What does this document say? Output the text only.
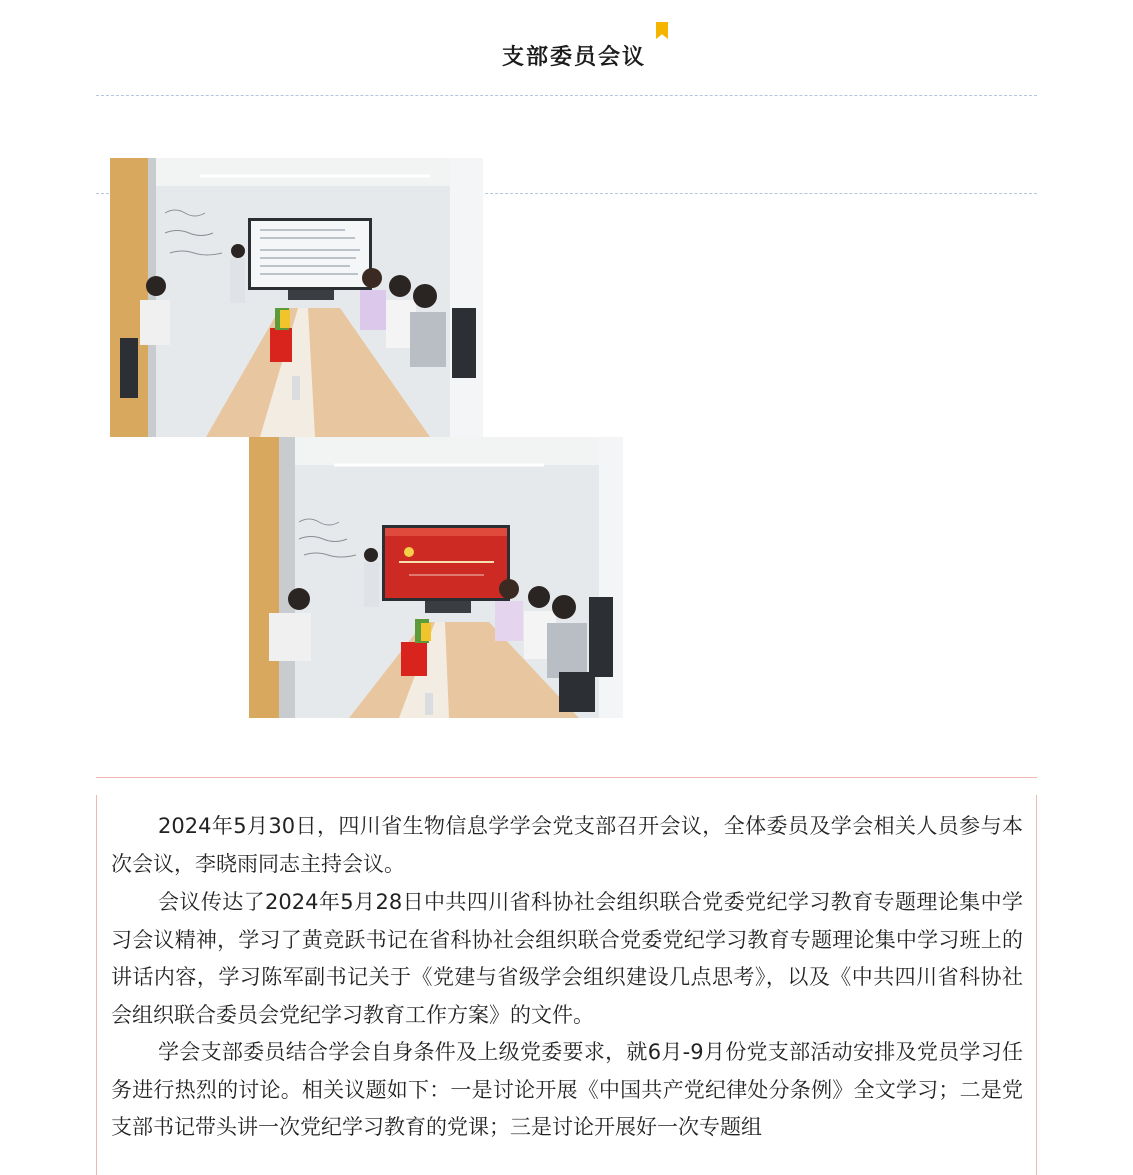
支部委员会议

2024年5月30日，四川省生物信息学学会党支部召开会议，全体委员及学会相关人员参与本次会议，李晓雨同志主持会议。

会议传达了2024年5月28日中共四川省科协社会组织联合党委党纪学习教育专题理论集中学习会议精神，学习了黄竞跃书记在省科协社会组织联合党委党纪学习教育专题理论集中学习班上的讲话内容，学习陈军副书记关于《党建与省级学会组织建设几点思考》，以及《中共四川省科协社会组织联合委员会党纪学习教育工作方案》的文件。

学会支部委员结合学会自身条件及上级党委要求，就6月-9月份党支部活动安排及党员学习任务进行热烈的讨论。相关议题如下：一是讨论开展《中国共产党纪律处分条例》全文学习；二是党支部书记带头讲一次党纪学习教育的党课；三是讨论开展好一次专题组
